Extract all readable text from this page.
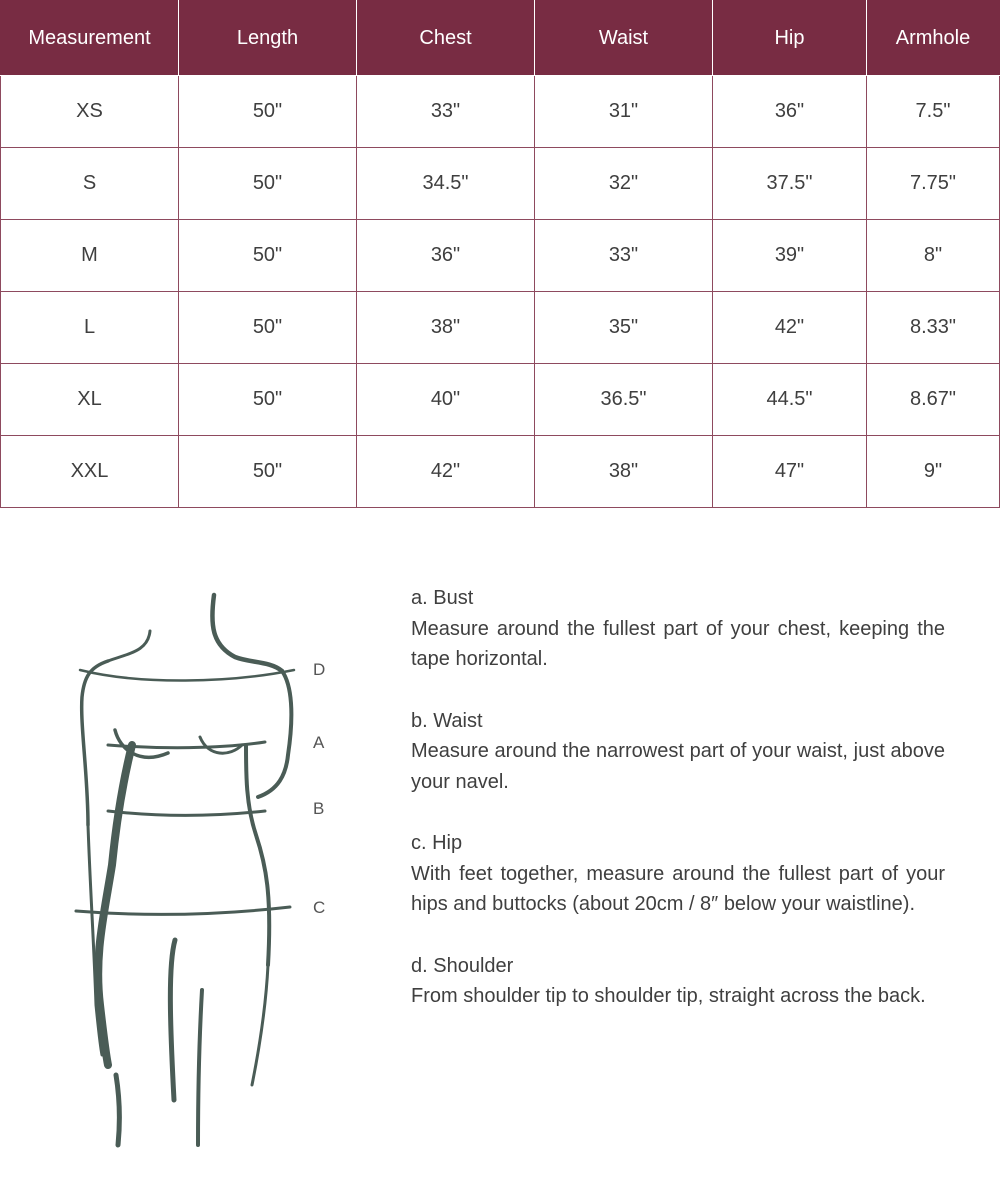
Measurement	Length	Chest	Waist	Hip	Armhole
XS	50"	33"	31"	36"	7.5"
S	50"	34.5"	32"	37.5"	7.75"
M	50"	36"	33"	39"	8"
L	50"	38"	35"	42"	8.33"
XL	50"	40"	36.5"	44.5"	8.67"
XXL	50"	42"	38"	47"	9"
D
A
B
C
a. Bust
Measure around the fullest part of your chest, keeping the tape horizontal.
b. Waist
Measure around the narrowest part of your waist, just above your navel.
c. Hip
With feet together, measure around the fullest part of your hips and buttocks (about 20cm / 8″ below your waistline).
d. Shoulder
From shoulder tip to shoulder tip, straight across the back.
